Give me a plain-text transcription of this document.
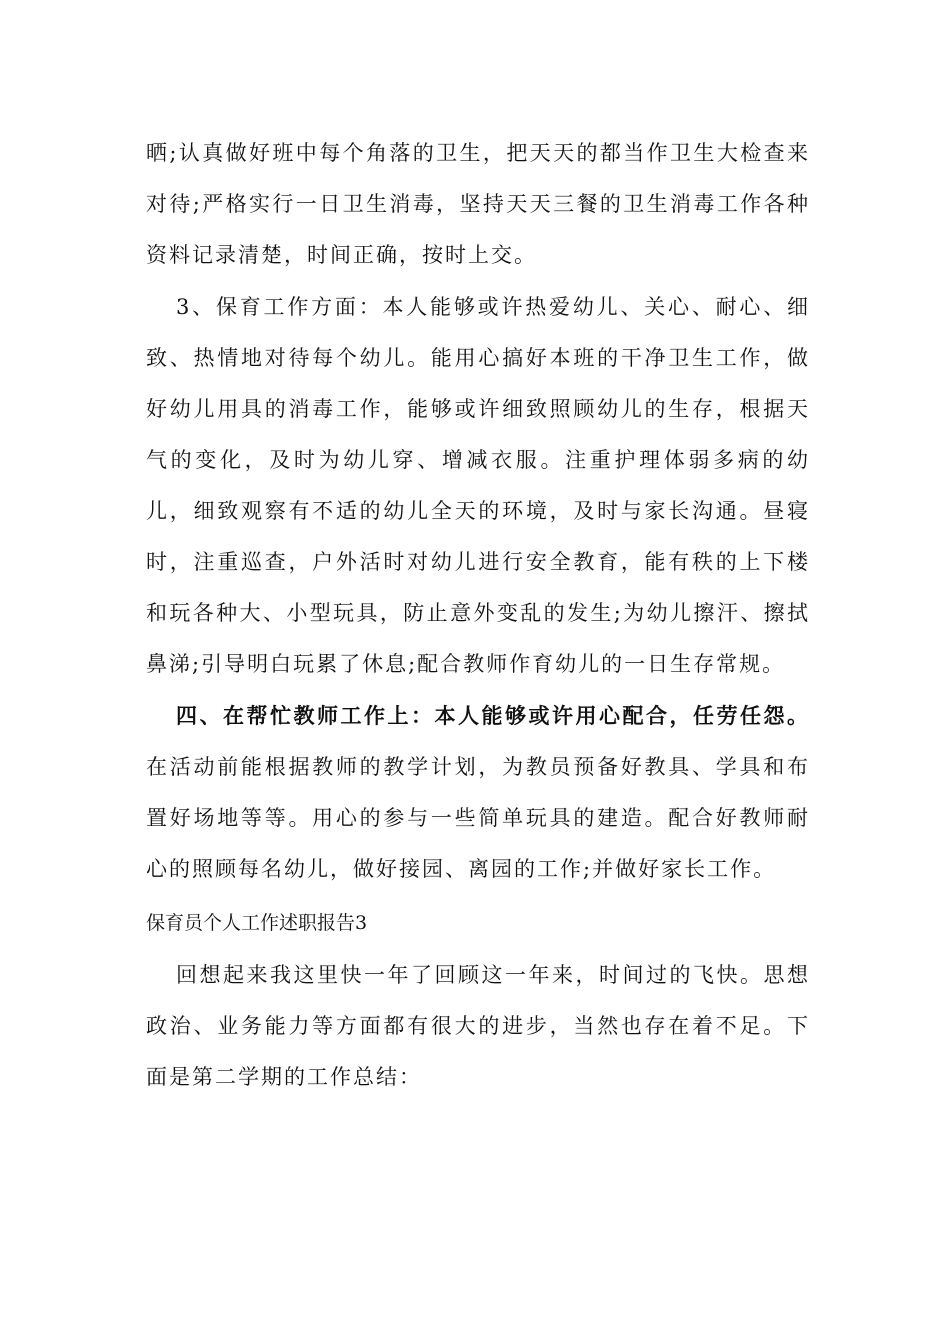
晒;认真做好班中每个角落的卫生，把天天的都当作卫生大检查来对待;严格实行一日卫生消毒，坚持天天三餐的卫生消毒工作各种资料记录清楚，时间正确，按时上交。

3、保育工作方面：本人能够或许热爱幼儿、关心、耐心、细致、热情地对待每个幼儿。能用心搞好本班的干净卫生工作，做好幼儿用具的消毒工作，能够或许细致照顾幼儿的生存，根据天气的变化，及时为幼儿穿、增减衣服。注重护理体弱多病的幼儿，细致观察有不适的幼儿全天的环境，及时与家长沟通。昼寝时，注重巡查，户外活时对幼儿进行安全教育，能有秩的上下楼和玩各种大、小型玩具，防止意外变乱的发生;为幼儿擦汗、擦拭鼻涕;引导明白玩累了休息;配合教师作育幼儿的一日生存常规。

四、在帮忙教师工作上：本人能够或许用心配合，任劳任怨。在活动前能根据教师的教学计划，为教员预备好教具、学具和布置好场地等等。用心的参与一些简单玩具的建造。配合好教师耐心的照顾每名幼儿，做好接园、离园的工作;并做好家长工作。

保育员个人工作述职报告3

回想起来我这里快一年了回顾这一年来，时间过的飞快。思想政治、业务能力等方面都有很大的进步，当然也存在着不足。下面是第二学期的工作总结：
